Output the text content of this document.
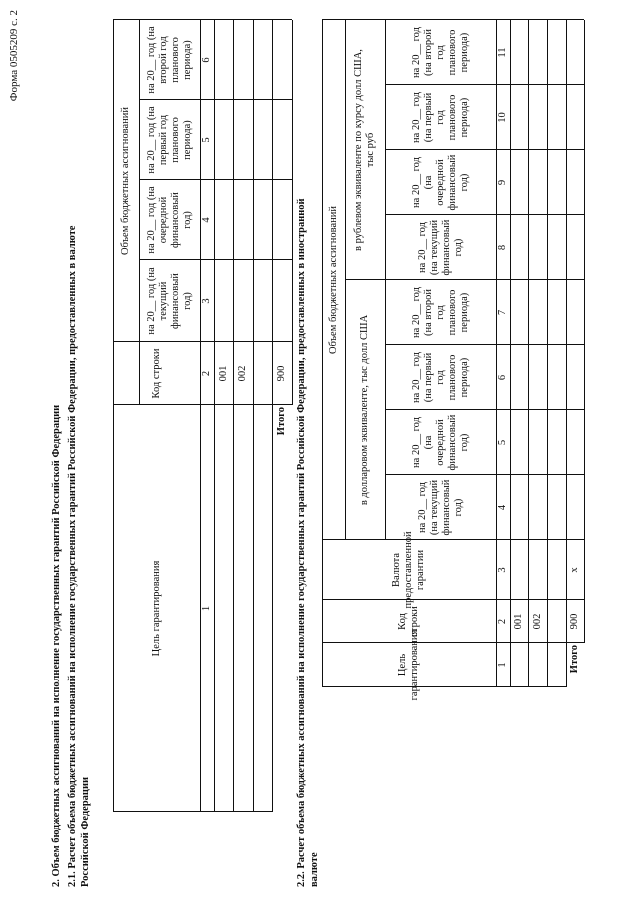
Форма 0505209 с. 2
2. Объем бюджетных ассигнований на исполнение государственных гарантий Российской Федерации 2.1. Расчет объема бюджетных ассигнований на исполнение государственных гарантий Российской Федерации, предоставленных в валюте Российской Федерации
Цель гарантирования
Код строки
Объем бюджетных ассигнований
на 20__ год (на текущий финансовый год)
на 20__ год (на очередной финансовый год)
на 20__ год (на первый год планового периода)
на 20__ год (на второй год планового периода)
1
2
3
4
5
6
001 002
Итого
900 2.2. Расчет объема бюджетных ассигнований на исполнение государственных гарантий Российской Федерации, предоставленных в иностранной валюте
Цель гарантирования
Код строки
Валюта предоставленной гарантии
Объем бюджетных ассигнований
в долларовом эквиваленте, тыс долл США
в рублевом эквиваленте по курсу долл США, тыс руб
на 20__ год (на текущий финансовый год)
на 20__ год (на очередной финансовый год)
на 20__ год (на первый год планового периода)
на 20__ год (на второй год планового периода)
на 20__ год (на текущий финансовый год)
на 20__ год (на очередной финансовый год)
на 20__ год (на первый год планового периода)
на 20__ год (на второй год планового периода)
1
2
3
4
5
6
7
8
9
10
11
001 002
Итого
900
x
